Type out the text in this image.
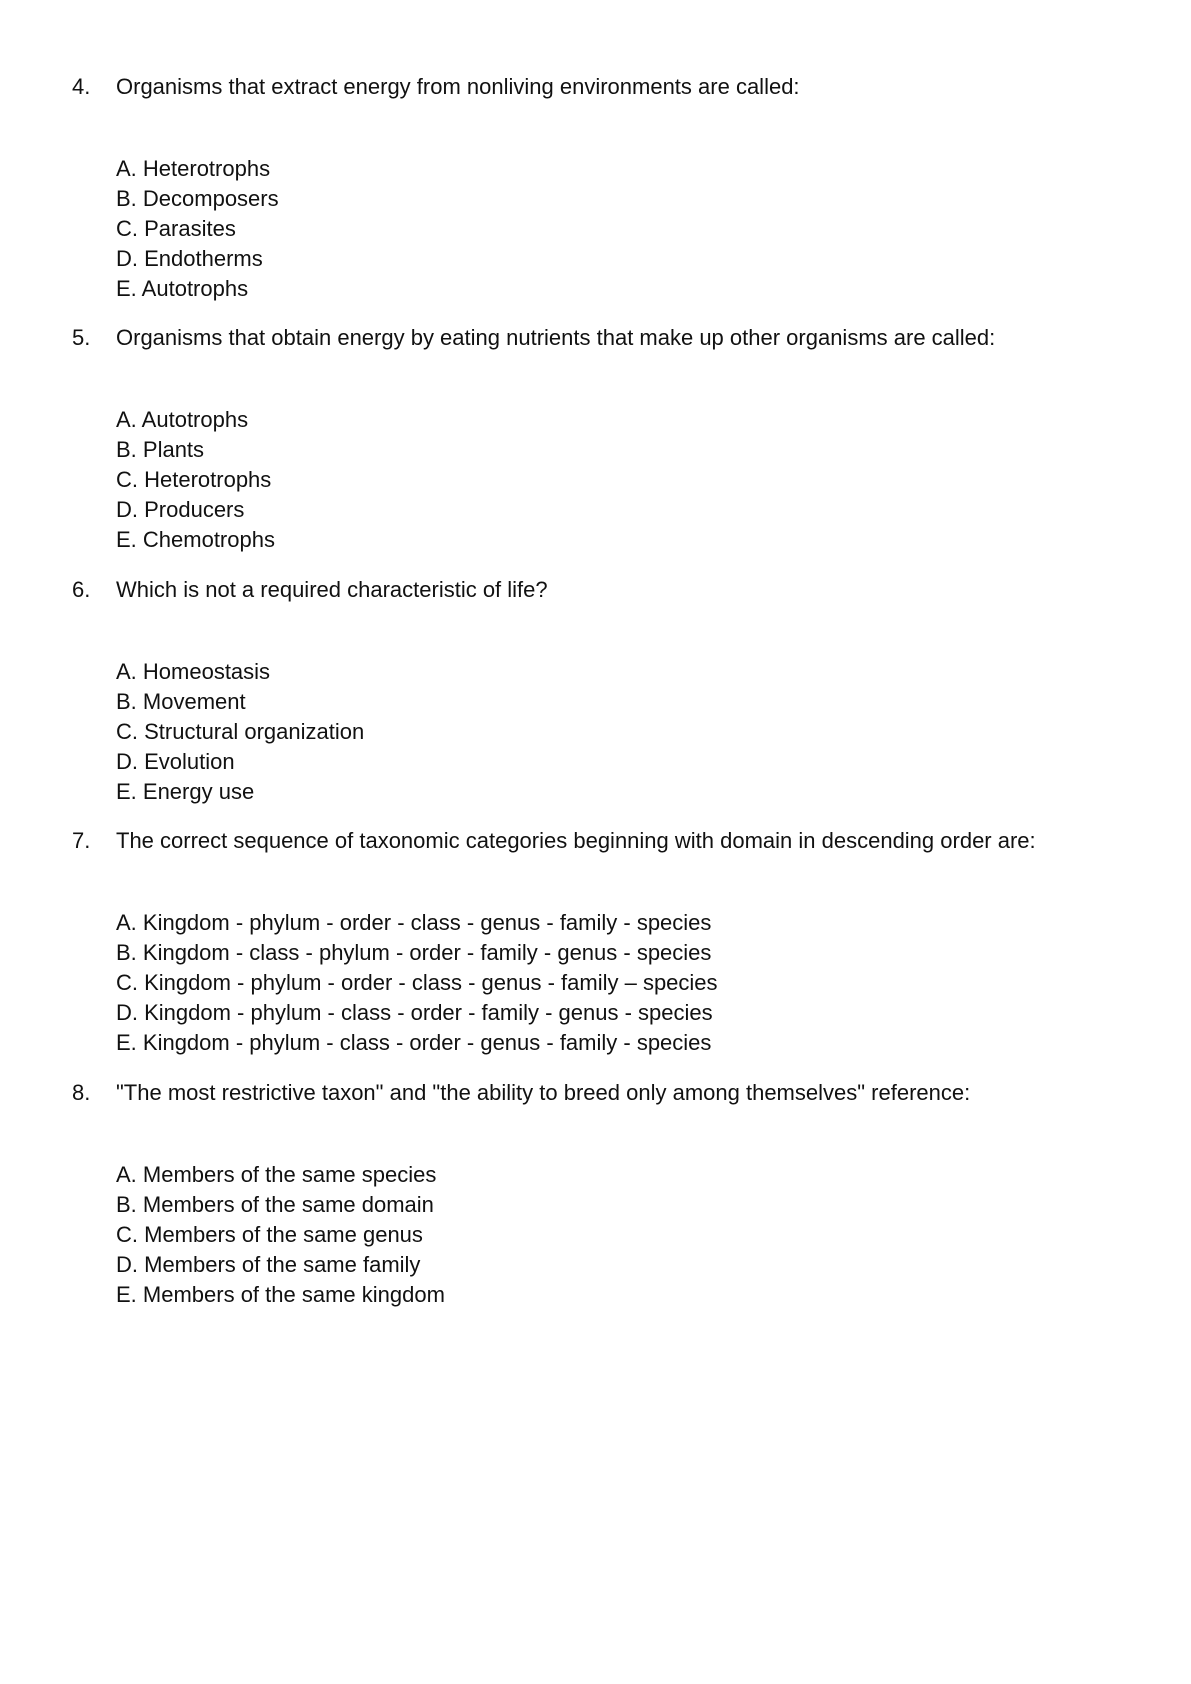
4.	Organisms that extract energy from nonliving environments are called:
A. Heterotrophs
B. Decomposers
C. Parasites
D. Endotherms
E. Autotrophs
5.	Organisms that obtain energy by eating nutrients that make up other organisms are called:
A. Autotrophs
B. Plants
C. Heterotrophs
D. Producers
E. Chemotrophs
6.	Which is not a required characteristic of life?
A. Homeostasis
B. Movement
C. Structural organization
D. Evolution
E. Energy use
7.	The correct sequence of taxonomic categories beginning with domain in descending order are:
A. Kingdom - phylum - order - class - genus - family - species
B. Kingdom - class - phylum - order - family - genus - species
C. Kingdom - phylum - order - class - genus - family – species
D. Kingdom - phylum - class - order - family - genus - species
E. Kingdom - phylum - class - order - genus - family - species
8.	"The most restrictive taxon" and "the ability to breed only among themselves" reference:
A. Members of the same species
B. Members of the same domain
C. Members of the same genus
D. Members of the same family
E. Members of the same kingdom
